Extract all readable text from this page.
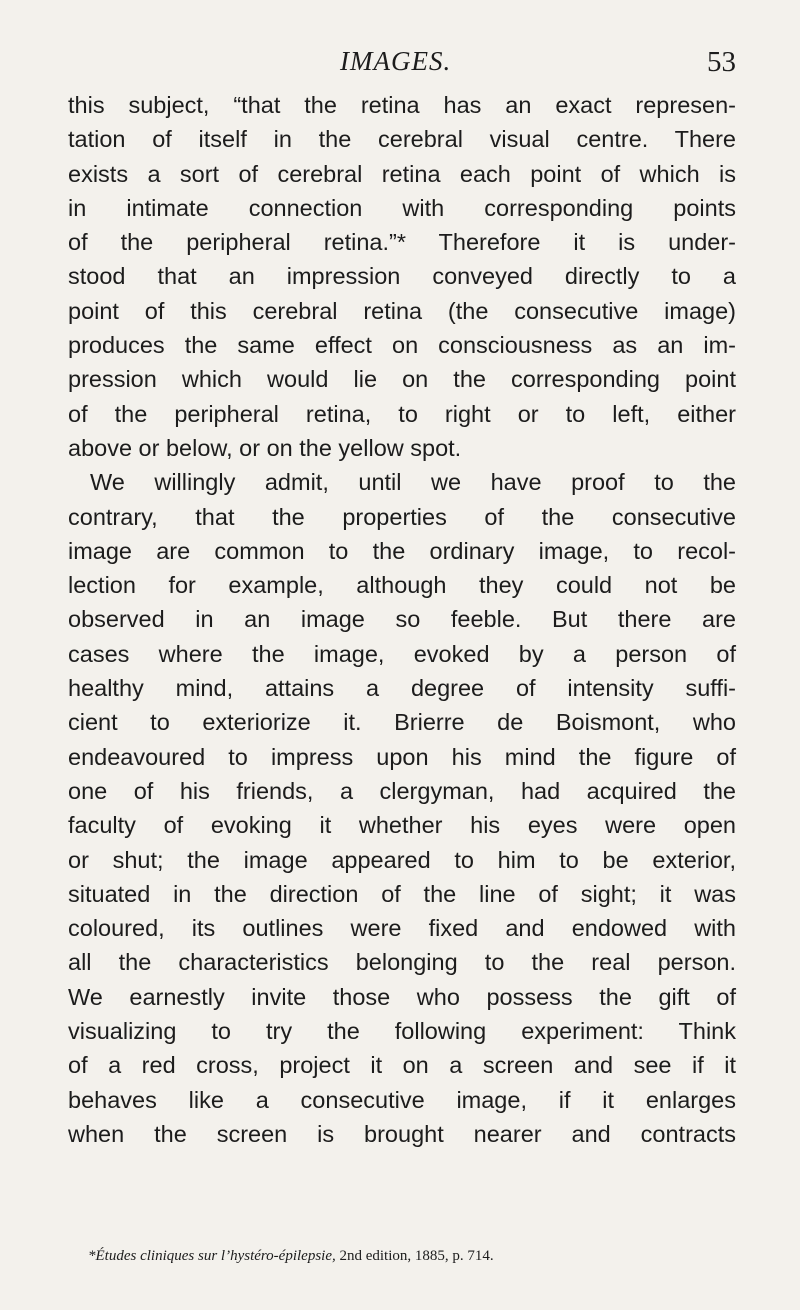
IMAGES.	53
this subject, “that the retina has an exact represen-
tation of itself in the cerebral visual centre. There
exists a sort of cerebral retina each point of which is
in intimate connection with corresponding points
of the peripheral retina.”* Therefore it is under-
stood that an impression conveyed directly to a
point of this cerebral retina (the consecutive image)
produces the same effect on consciousness as an im-
pression which would lie on the corresponding point
of the peripheral retina, to right or to left, either
above or below, or on the yellow spot.
We willingly admit, until we have proof to the
contrary, that the properties of the consecutive
image are common to the ordinary image, to recol-
lection for example, although they could not be
observed in an image so feeble. But there are
cases where the image, evoked by a person of
healthy mind, attains a degree of intensity suffi-
cient to exteriorize it. Brierre de Boismont, who
endeavoured to impress upon his mind the figure of
one of his friends, a clergyman, had acquired the
faculty of evoking it whether his eyes were open
or shut; the image appeared to him to be exterior,
situated in the direction of the line of sight; it was
coloured, its outlines were fixed and endowed with
all the characteristics belonging to the real person.
We earnestly invite those who possess the gift of
visualizing to try the following experiment: Think
of a red cross, project it on a screen and see if it
behaves like a consecutive image, if it enlarges
when the screen is brought nearer and contracts
*Études cliniques sur l’hystéro-épilepsie, 2nd edition, 1885, p. 714.
